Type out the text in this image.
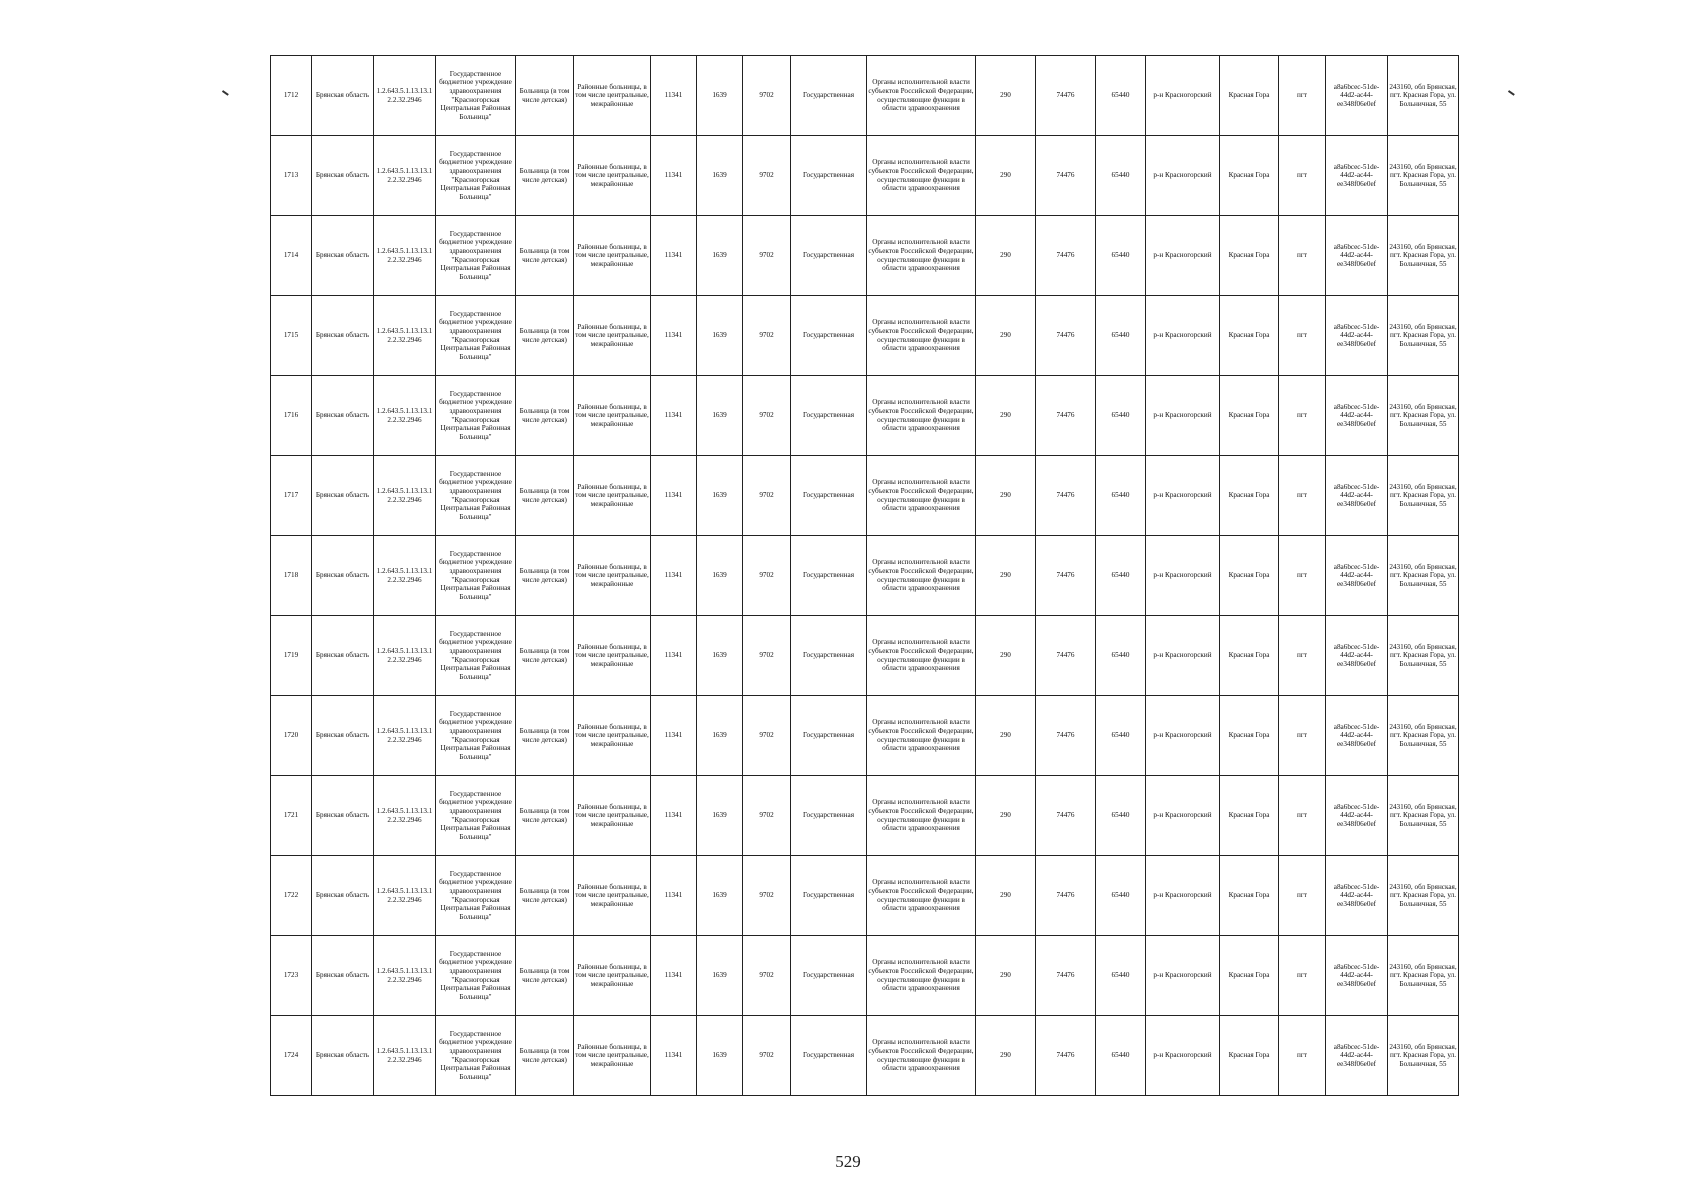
1712	Брянская область	1.2.643.5.1.13.13.12.2.32.2946	Государственное бюджетное учреждение здравоохранения "Красногорская Центральная Районная Больница"	Больница (в том числе детская)	Районные больницы, в том числе центральные, межрайонные	11341	1639	9702	Государственная	Органы исполнительной власти субъектов Российской Федерации, осуществляющие функции в области здравоохранения	290	74476	65440	р-н Красногорский	Красная Гора	пгт	a8a6bcec-51de-44d2-ac44-ee348f06e0ef	243160, обл Брянская, пгт. Красная Гора, ул. Больничная, 55
1713	Брянская область	1.2.643.5.1.13.13.12.2.32.2946	Государственное бюджетное учреждение здравоохранения "Красногорская Центральная Районная Больница"	Больница (в том числе детская)	Районные больницы, в том числе центральные, межрайонные	11341	1639	9702	Государственная	Органы исполнительной власти субъектов Российской Федерации, осуществляющие функции в области здравоохранения	290	74476	65440	р-н Красногорский	Красная Гора	пгт	a8a6bcec-51de-44d2-ac44-ee348f06e0ef	243160, обл Брянская, пгт. Красная Гора, ул. Больничная, 55
1714	Брянская область	1.2.643.5.1.13.13.12.2.32.2946	Государственное бюджетное учреждение здравоохранения "Красногорская Центральная Районная Больница"	Больница (в том числе детская)	Районные больницы, в том числе центральные, межрайонные	11341	1639	9702	Государственная	Органы исполнительной власти субъектов Российской Федерации, осуществляющие функции в области здравоохранения	290	74476	65440	р-н Красногорский	Красная Гора	пгт	a8a6bcec-51de-44d2-ac44-ee348f06e0ef	243160, обл Брянская, пгт. Красная Гора, ул. Больничная, 55
1715	Брянская область	1.2.643.5.1.13.13.12.2.32.2946	Государственное бюджетное учреждение здравоохранения "Красногорская Центральная Районная Больница"	Больница (в том числе детская)	Районные больницы, в том числе центральные, межрайонные	11341	1639	9702	Государственная	Органы исполнительной власти субъектов Российской Федерации, осуществляющие функции в области здравоохранения	290	74476	65440	р-н Красногорский	Красная Гора	пгт	a8a6bcec-51de-44d2-ac44-ee348f06e0ef	243160, обл Брянская, пгт. Красная Гора, ул. Больничная, 55
1716	Брянская область	1.2.643.5.1.13.13.12.2.32.2946	Государственное бюджетное учреждение здравоохранения "Красногорская Центральная Районная Больница"	Больница (в том числе детская)	Районные больницы, в том числе центральные, межрайонные	11341	1639	9702	Государственная	Органы исполнительной власти субъектов Российской Федерации, осуществляющие функции в области здравоохранения	290	74476	65440	р-н Красногорский	Красная Гора	пгт	a8a6bcec-51de-44d2-ac44-ee348f06e0ef	243160, обл Брянская, пгт. Красная Гора, ул. Больничная, 55
1717	Брянская область	1.2.643.5.1.13.13.12.2.32.2946	Государственное бюджетное учреждение здравоохранения "Красногорская Центральная Районная Больница"	Больница (в том числе детская)	Районные больницы, в том числе центральные, межрайонные	11341	1639	9702	Государственная	Органы исполнительной власти субъектов Российской Федерации, осуществляющие функции в области здравоохранения	290	74476	65440	р-н Красногорский	Красная Гора	пгт	a8a6bcec-51de-44d2-ac44-ee348f06e0ef	243160, обл Брянская, пгт. Красная Гора, ул. Больничная, 55
1718	Брянская область	1.2.643.5.1.13.13.12.2.32.2946	Государственное бюджетное учреждение здравоохранения "Красногорская Центральная Районная Больница"	Больница (в том числе детская)	Районные больницы, в том числе центральные, межрайонные	11341	1639	9702	Государственная	Органы исполнительной власти субъектов Российской Федерации, осуществляющие функции в области здравоохранения	290	74476	65440	р-н Красногорский	Красная Гора	пгт	a8a6bcec-51de-44d2-ac44-ee348f06e0ef	243160, обл Брянская, пгт. Красная Гора, ул. Больничная, 55
1719	Брянская область	1.2.643.5.1.13.13.12.2.32.2946	Государственное бюджетное учреждение здравоохранения "Красногорская Центральная Районная Больница"	Больница (в том числе детская)	Районные больницы, в том числе центральные, межрайонные	11341	1639	9702	Государственная	Органы исполнительной власти субъектов Российской Федерации, осуществляющие функции в области здравоохранения	290	74476	65440	р-н Красногорский	Красная Гора	пгт	a8a6bcec-51de-44d2-ac44-ee348f06e0ef	243160, обл Брянская, пгт. Красная Гора, ул. Больничная, 55
1720	Брянская область	1.2.643.5.1.13.13.12.2.32.2946	Государственное бюджетное учреждение здравоохранения "Красногорская Центральная Районная Больница"	Больница (в том числе детская)	Районные больницы, в том числе центральные, межрайонные	11341	1639	9702	Государственная	Органы исполнительной власти субъектов Российской Федерации, осуществляющие функции в области здравоохранения	290	74476	65440	р-н Красногорский	Красная Гора	пгт	a8a6bcec-51de-44d2-ac44-ee348f06e0ef	243160, обл Брянская, пгт. Красная Гора, ул. Больничная, 55
1721	Брянская область	1.2.643.5.1.13.13.12.2.32.2946	Государственное бюджетное учреждение здравоохранения "Красногорская Центральная Районная Больница"	Больница (в том числе детская)	Районные больницы, в том числе центральные, межрайонные	11341	1639	9702	Государственная	Органы исполнительной власти субъектов Российской Федерации, осуществляющие функции в области здравоохранения	290	74476	65440	р-н Красногорский	Красная Гора	пгт	a8a6bcec-51de-44d2-ac44-ee348f06e0ef	243160, обл Брянская, пгт. Красная Гора, ул. Больничная, 55
1722	Брянская область	1.2.643.5.1.13.13.12.2.32.2946	Государственное бюджетное учреждение здравоохранения "Красногорская Центральная Районная Больница"	Больница (в том числе детская)	Районные больницы, в том числе центральные, межрайонные	11341	1639	9702	Государственная	Органы исполнительной власти субъектов Российской Федерации, осуществляющие функции в области здравоохранения	290	74476	65440	р-н Красногорский	Красная Гора	пгт	a8a6bcec-51de-44d2-ac44-ee348f06e0ef	243160, обл Брянская, пгт. Красная Гора, ул. Больничная, 55
1723	Брянская область	1.2.643.5.1.13.13.12.2.32.2946	Государственное бюджетное учреждение здравоохранения "Красногорская Центральная Районная Больница"	Больница (в том числе детская)	Районные больницы, в том числе центральные, межрайонные	11341	1639	9702	Государственная	Органы исполнительной власти субъектов Российской Федерации, осуществляющие функции в области здравоохранения	290	74476	65440	р-н Красногорский	Красная Гора	пгт	a8a6bcec-51de-44d2-ac44-ee348f06e0ef	243160, обл Брянская, пгт. Красная Гора, ул. Больничная, 55
1724	Брянская область	1.2.643.5.1.13.13.12.2.32.2946	Государственное бюджетное учреждение здравоохранения "Красногорская Центральная Районная Больница"	Больница (в том числе детская)	Районные больницы, в том числе центральные, межрайонные	11341	1639	9702	Государственная	Органы исполнительной власти субъектов Российской Федерации, осуществляющие функции в области здравоохранения	290	74476	65440	р-н Красногорский	Красная Гора	пгт	a8a6bcec-51de-44d2-ac44-ee348f06e0ef	243160, обл Брянская, пгт. Красная Гора, ул. Больничная, 55
529
